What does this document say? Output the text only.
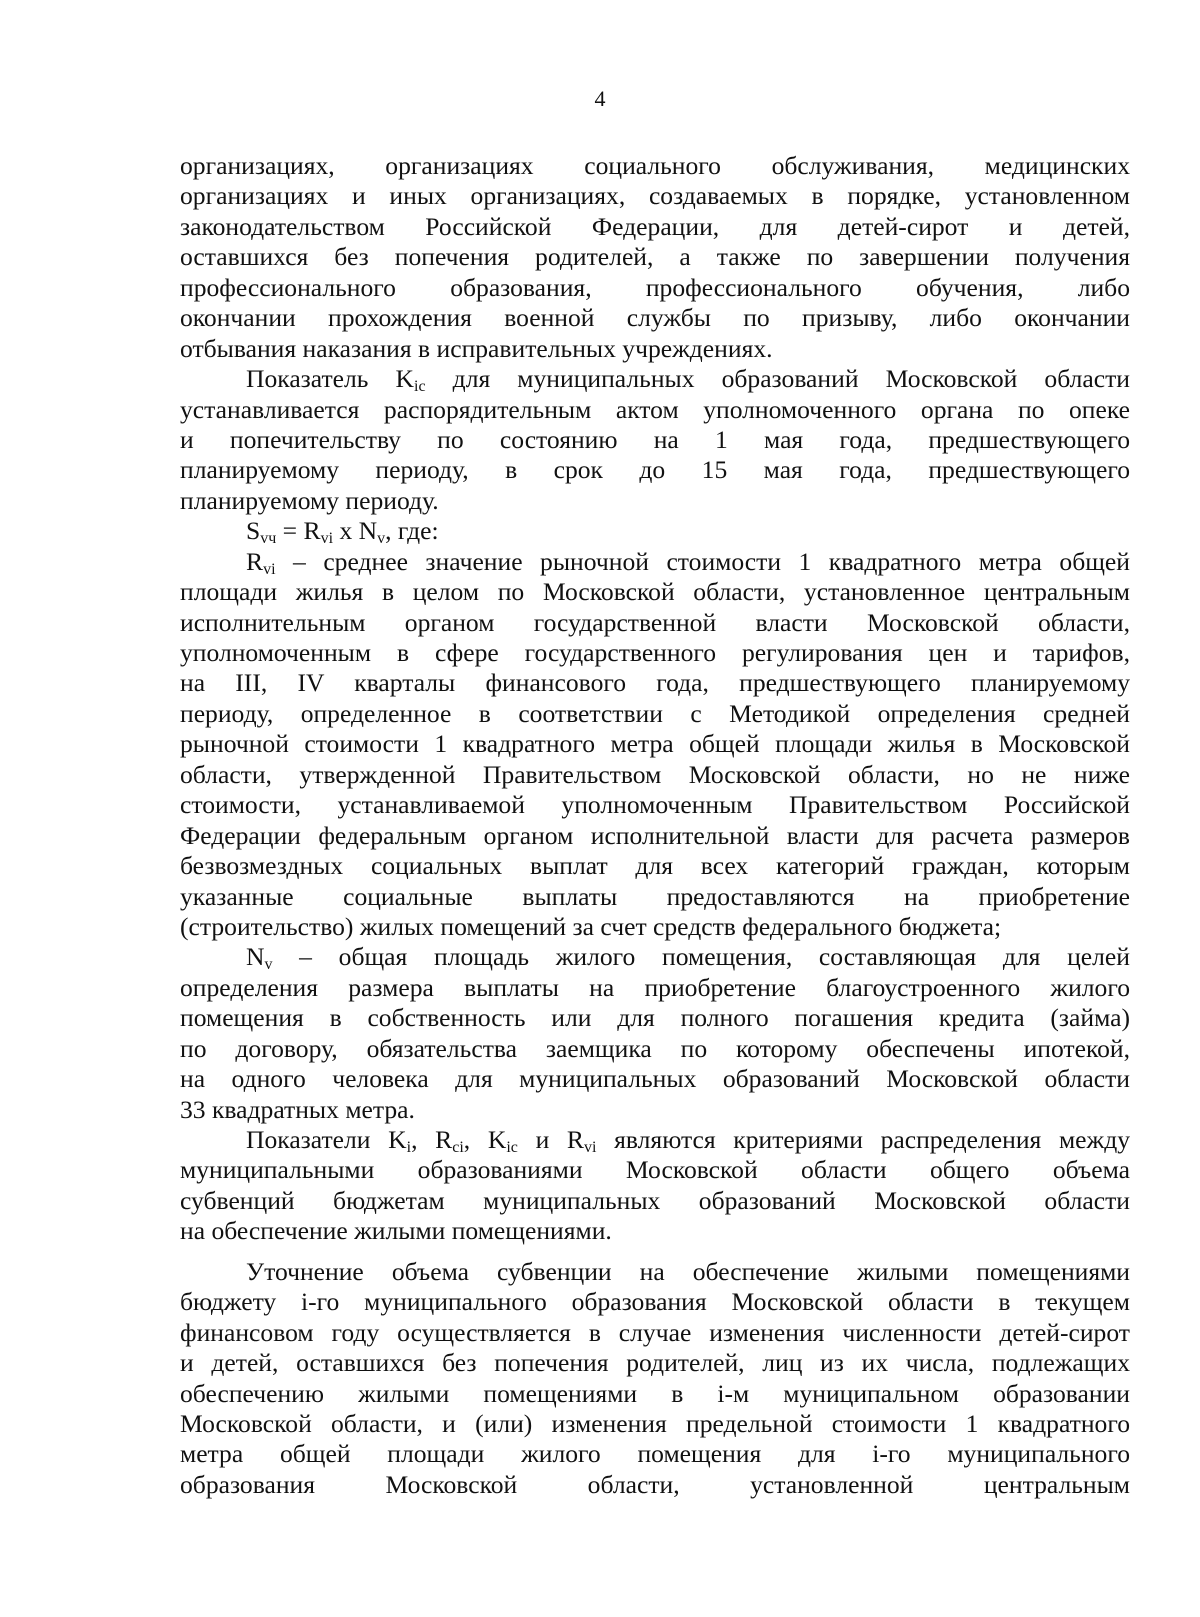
4
организациях, организациях социального обслуживания, медицинских
организациях и иных организациях, создаваемых в порядке, установленном
законодательством Российской Федерации, для детей-сирот и детей,
оставшихся без попечения родителей, а также по завершении получения
профессионального образования, профессионального обучения, либо
окончании прохождения военной службы по призыву, либо окончании
отбывания наказания в исправительных учреждениях.
Показатель $K_{ic}$ для муниципальных образований Московской области
устанавливается распорядительным актом уполномоченного органа по опеке
и попечительству по состоянию на 1 мая года, предшествующего
планируемому периоду, в срок до 15 мая года, предшествующего
планируемому периоду.
$S_{vч} = R_{vi}$ x $N_v$, где:
$R_{vi}$ – среднее значение рыночной стоимости 1 квадратного метра общей
площади жилья в целом по Московской области, установленное центральным
исполнительным органом государственной власти Московской области,
уполномоченным в сфере государственного регулирования цен и тарифов,
на III, IV кварталы финансового года, предшествующего планируемому
периоду, определенное в соответствии с Методикой определения средней
рыночной стоимости 1 квадратного метра общей площади жилья в Московской
области, утвержденной Правительством Московской области, но не ниже
стоимости, устанавливаемой уполномоченным Правительством Российской
Федерации федеральным органом исполнительной власти для расчета размеров
безвозмездных социальных выплат для всех категорий граждан, которым
указанные социальные выплаты предоставляются на приобретение
(строительство) жилых помещений за счет средств федерального бюджета;
$N_v$ – общая площадь жилого помещения, составляющая для целей
определения размера выплаты на приобретение благоустроенного жилого
помещения в собственность или для полного погашения кредита (займа)
по договору, обязательства заемщика по которому обеспечены ипотекой,
на одного человека для муниципальных образований Московской области
33 квадратных метра.
Показатели $K_i$, $R_{ci}$, $K_{ic}$ и $R_{vi}$ являются критериями распределения между
муниципальными образованиями Московской области общего объема
субвенций бюджетам муниципальных образований Московской области
на обеспечение жилыми помещениями.
Уточнение объема субвенции на обеспечение жилыми помещениями
бюджету i-го муниципального образования Московской области в текущем
финансовом году осуществляется в случае изменения численности детей-сирот
и детей, оставшихся без попечения родителей, лиц из их числа, подлежащих
обеспечению жилыми помещениями в i-м муниципальном образовании
Московской области, и (или) изменения предельной стоимости 1 квадратного
метра общей площади жилого помещения для i-го муниципального
образования Московской области, установленной центральным
